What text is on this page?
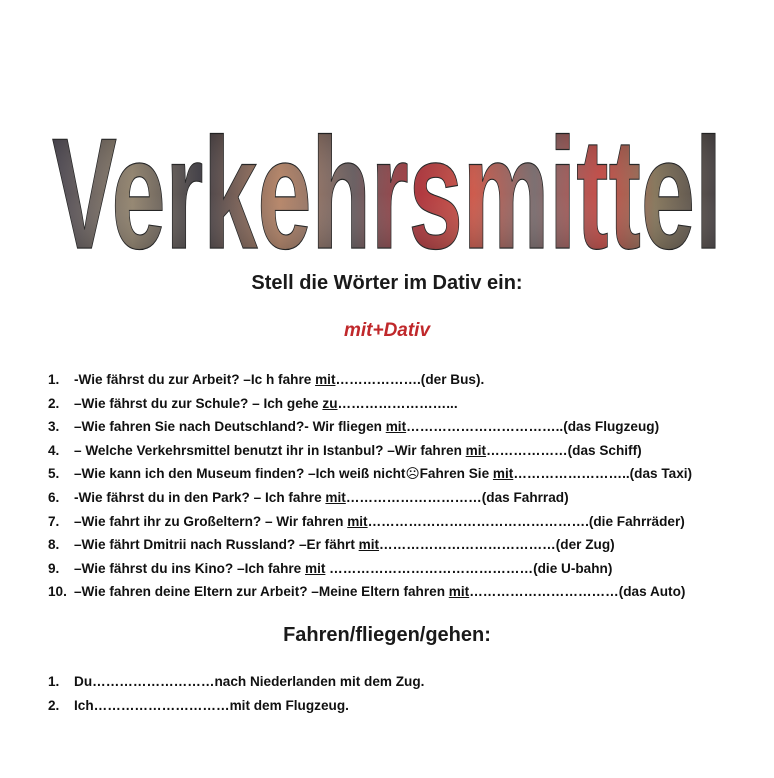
Verkehrsmittel
Verkehrsmittel
Stell die Wörter im Dativ ein:
mit+Dativ
1. -Wie fährst du zur Arbeit? –Ic h fahre mit……………….(der Bus).
2. –Wie fährst du zur Schule? – Ich gehe zu……………………...
3. –Wie fahren Sie nach Deutschland?- Wir fliegen mit……………………………..(das Flugzeug)
4. – Welche Verkehrsmittel benutzt ihr in Istanbul? –Wir fahren mit………………(das Schiff)
5. –Wie kann ich den Museum finden? –Ich weiß nicht☹Fahren Sie mit……………………..(das Taxi)
6. -Wie fährst du in den Park? – Ich fahre mit…………………………(das Fahrrad)
7. –Wie fahrt ihr zu Großeltern? – Wir fahren mit………………………………………….(die Fahrräder)
8. –Wie fährt Dmitrii nach Russland? –Er fährt mit…………………………………(der Zug)
9. –Wie fährst du ins Kino? –Ich fahre mit ………………………………………(die U-bahn)
10. –Wie fahren deine Eltern zur Arbeit? –Meine Eltern fahren mit……………………………(das Auto)
Fahren/fliegen/gehen:
1. Du………………………nach Niederlanden mit dem Zug.
2. Ich…………………………mit dem Flugzeug.
